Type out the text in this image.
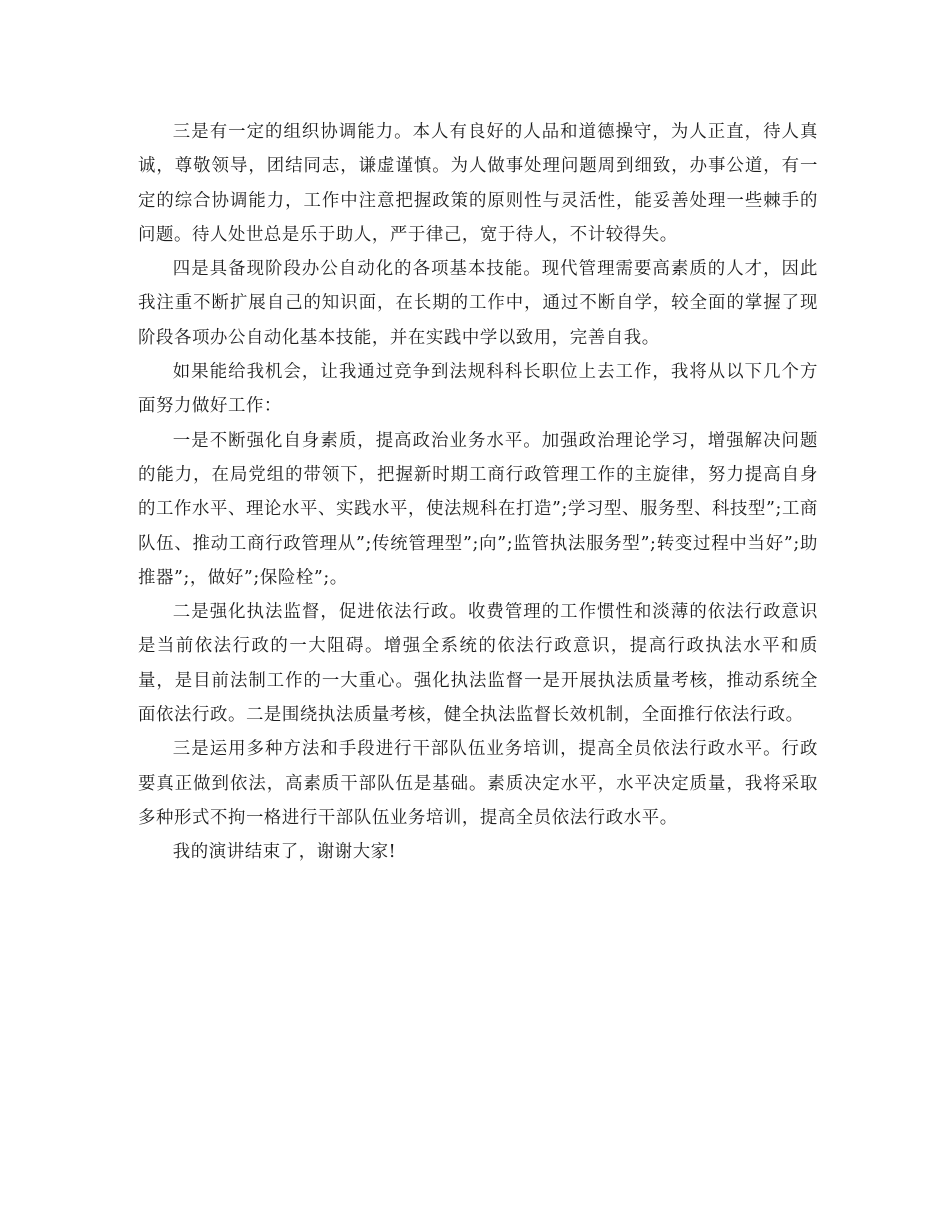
三是有一定的组织协调能力。本人有良好的人品和道德操守，为人正直，待人真诚，尊敬领导，团结同志，谦虚谨慎。为人做事处理问题周到细致，办事公道，有一定的综合协调能力，工作中注意把握政策的原则性与灵活性，能妥善处理一些棘手的问题。待人处世总是乐于助人，严于律己，宽于待人，不计较得失。

四是具备现阶段办公自动化的各项基本技能。现代管理需要高素质的人才，因此我注重不断扩展自己的知识面，在长期的工作中，通过不断自学，较全面的掌握了现阶段各项办公自动化基本技能，并在实践中学以致用，完善自我。

如果能给我机会，让我通过竞争到法规科科长职位上去工作，我将从以下几个方面努力做好工作：

一是不断强化自身素质，提高政治业务水平。加强政治理论学习，增强解决问题的能力，在局党组的带领下，把握新时期工商行政管理工作的主旋律，努力提高自身的工作水平、理论水平、实践水平，使法规科在打造”;学习型、服务型、科技型”;工商队伍、推动工商行政管理从”;传统管理型”;向”;监管执法服务型”;转变过程中当好”;助推器”;，做好”;保险栓”;。

二是强化执法监督，促进依法行政。收费管理的工作惯性和淡薄的依法行政意识是当前依法行政的一大阻碍。增强全系统的依法行政意识，提高行政执法水平和质量，是目前法制工作的一大重心。强化执法监督一是开展执法质量考核，推动系统全面依法行政。二是围绕执法质量考核，健全执法监督长效机制，全面推行依法行政。

三是运用多种方法和手段进行干部队伍业务培训，提高全员依法行政水平。行政要真正做到依法，高素质干部队伍是基础。素质决定水平，水平决定质量，我将采取多种形式不拘一格进行干部队伍业务培训，提高全员依法行政水平。

我的演讲结束了，谢谢大家!
